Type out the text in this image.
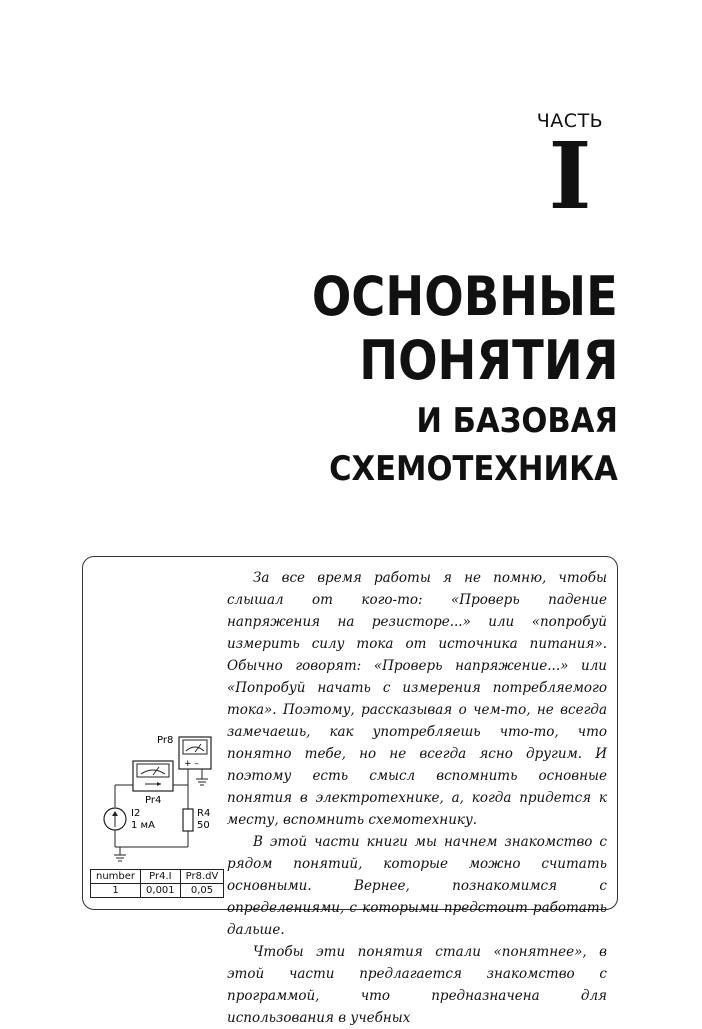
ЧАСТЬ
I
ОСНОВНЫЕ
ПОНЯТИЯ
И БАЗОВАЯ
СХЕМОТЕХНИКА

За все время работы я не помню, чтобы слышал от кого-то: «Проверь падение напряжения на резисторе...» или «попробуй измерить силу тока от источника питания». Обычно говорят: «Проверь напряжение...» или «Попробуй начать с измерения потребляемого тока». Поэтому, рассказывая о чем-то, не всегда замечаешь, как употребляешь что-то, что понятно тебе, но не всегда ясно другим. И поэтому есть смысл вспомнить основные понятия в электротехнике, а, когда придется к месту, вспомнить схемотехнику.

В этой части книги мы начнем знакомство с рядом понятий, которые можно считать основными. Вернее, познакомимся с определениями, с которыми предстоит работать дальше.

Чтобы эти понятия стали «понятнее», в этой части предлагается знакомство с программой, что предназначена для использования в учебных

Pr8
+ –
Pr4
I2
1 мА
R4
50
number	Pr4.I	Pr8.dV
1	0,001	0,05
